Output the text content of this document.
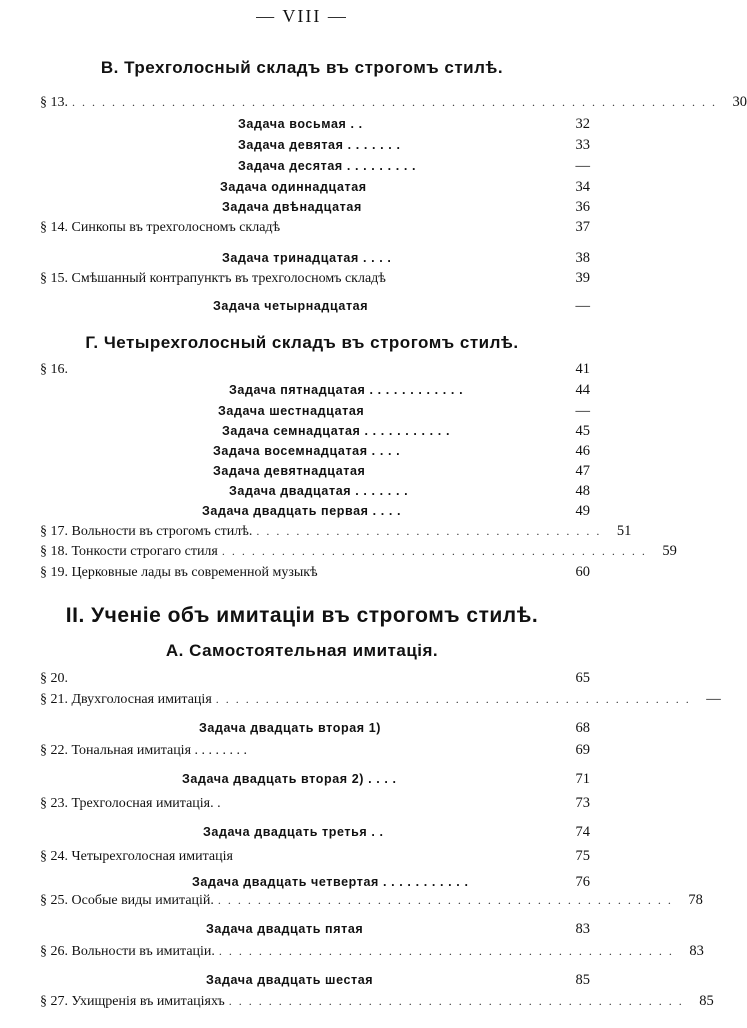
— VIII —
В. Трехголосный складъ въ строгомъ стилѣ.
§ 13. . . . . . . . . . . . . . . . . . . . . . . . . . . . . . . . . . . . . . . . . . . . . . . . . . . . . . . . . . . . . . . . . .	30
Задача восьмая . .	32
Задача девятая . . . . . . .	33
Задача десятая . . . . . . . . .	—
Задача одиннадцатая	34
Задача двѣнадцатая	36
§ 14. Синкопы въ трехголосномъ складѣ	37
Задача тринадцатая . . . .	38
§ 15. Смѣшанный контрапунктъ въ трехголосномъ складѣ	39
Задача четырнадцатая	—
Г. Четырехголосный складъ въ строгомъ стилѣ.
§ 16.	41
Задача пятнадцатая . . . . . . . . . . . .	44
Задача шестнадцатая	—
Задача семнадцатая . . . . . . . . . . .	45
Задача восемнадцатая . . . .	46
Задача девятнадцатая	47
Задача двадцатая . . . . . . .	48
Задача двадцать первая . . . .	49
§ 17. Вольности въ строгомъ стилѣ. . . . . . . . . . . . . . . . . . . . . . . . . . . . . . . . . . . .	51
§ 18. Тонкости строгаго стиля . . . . . . . . . . . . . . . . . . . . . . . . . . . . . . . . . . . . . . . . . . .	59
§ 19. Церковные лады въ современной музыкѣ	60
II. Ученіе объ имитаціи въ строгомъ стилѣ.
А. Самостоятельная имитація.
§ 20.	65
§ 21. Двухголосная имитація . . . . . . . . . . . . . . . . . . . . . . . . . . . . . . . . . . . . . . . . . . . . . . . .	—
Задача двадцать вторая 1)	68
§ 22. Тональная имитація . . . . . . . .	69
Задача двадцать вторая 2) . . . .	71
§ 23. Трехголосная имитація. .	73
Задача двадцать третья . .	74
§ 24. Четырехголосная имитація	75
Задача двадцать четвертая . . . . . . . . . . .	76
§ 25. Особые виды имитацій. . . . . . . . . . . . . . . . . . . . . . . . . . . . . . . . . . . . . . . . . . . . . . .	78
Задача двадцать пятая	83
§ 26. Вольности въ имитаціи. . . . . . . . . . . . . . . . . . . . . . . . . . . . . . . . . . . . . . . . . . . . . . .	83
Задача двадцать шестая	85
§ 27. Ухищренія въ имитаціяхъ . . . . . . . . . . . . . . . . . . . . . . . . . . . . . . . . . . . . . . . . . . . . . .	85
